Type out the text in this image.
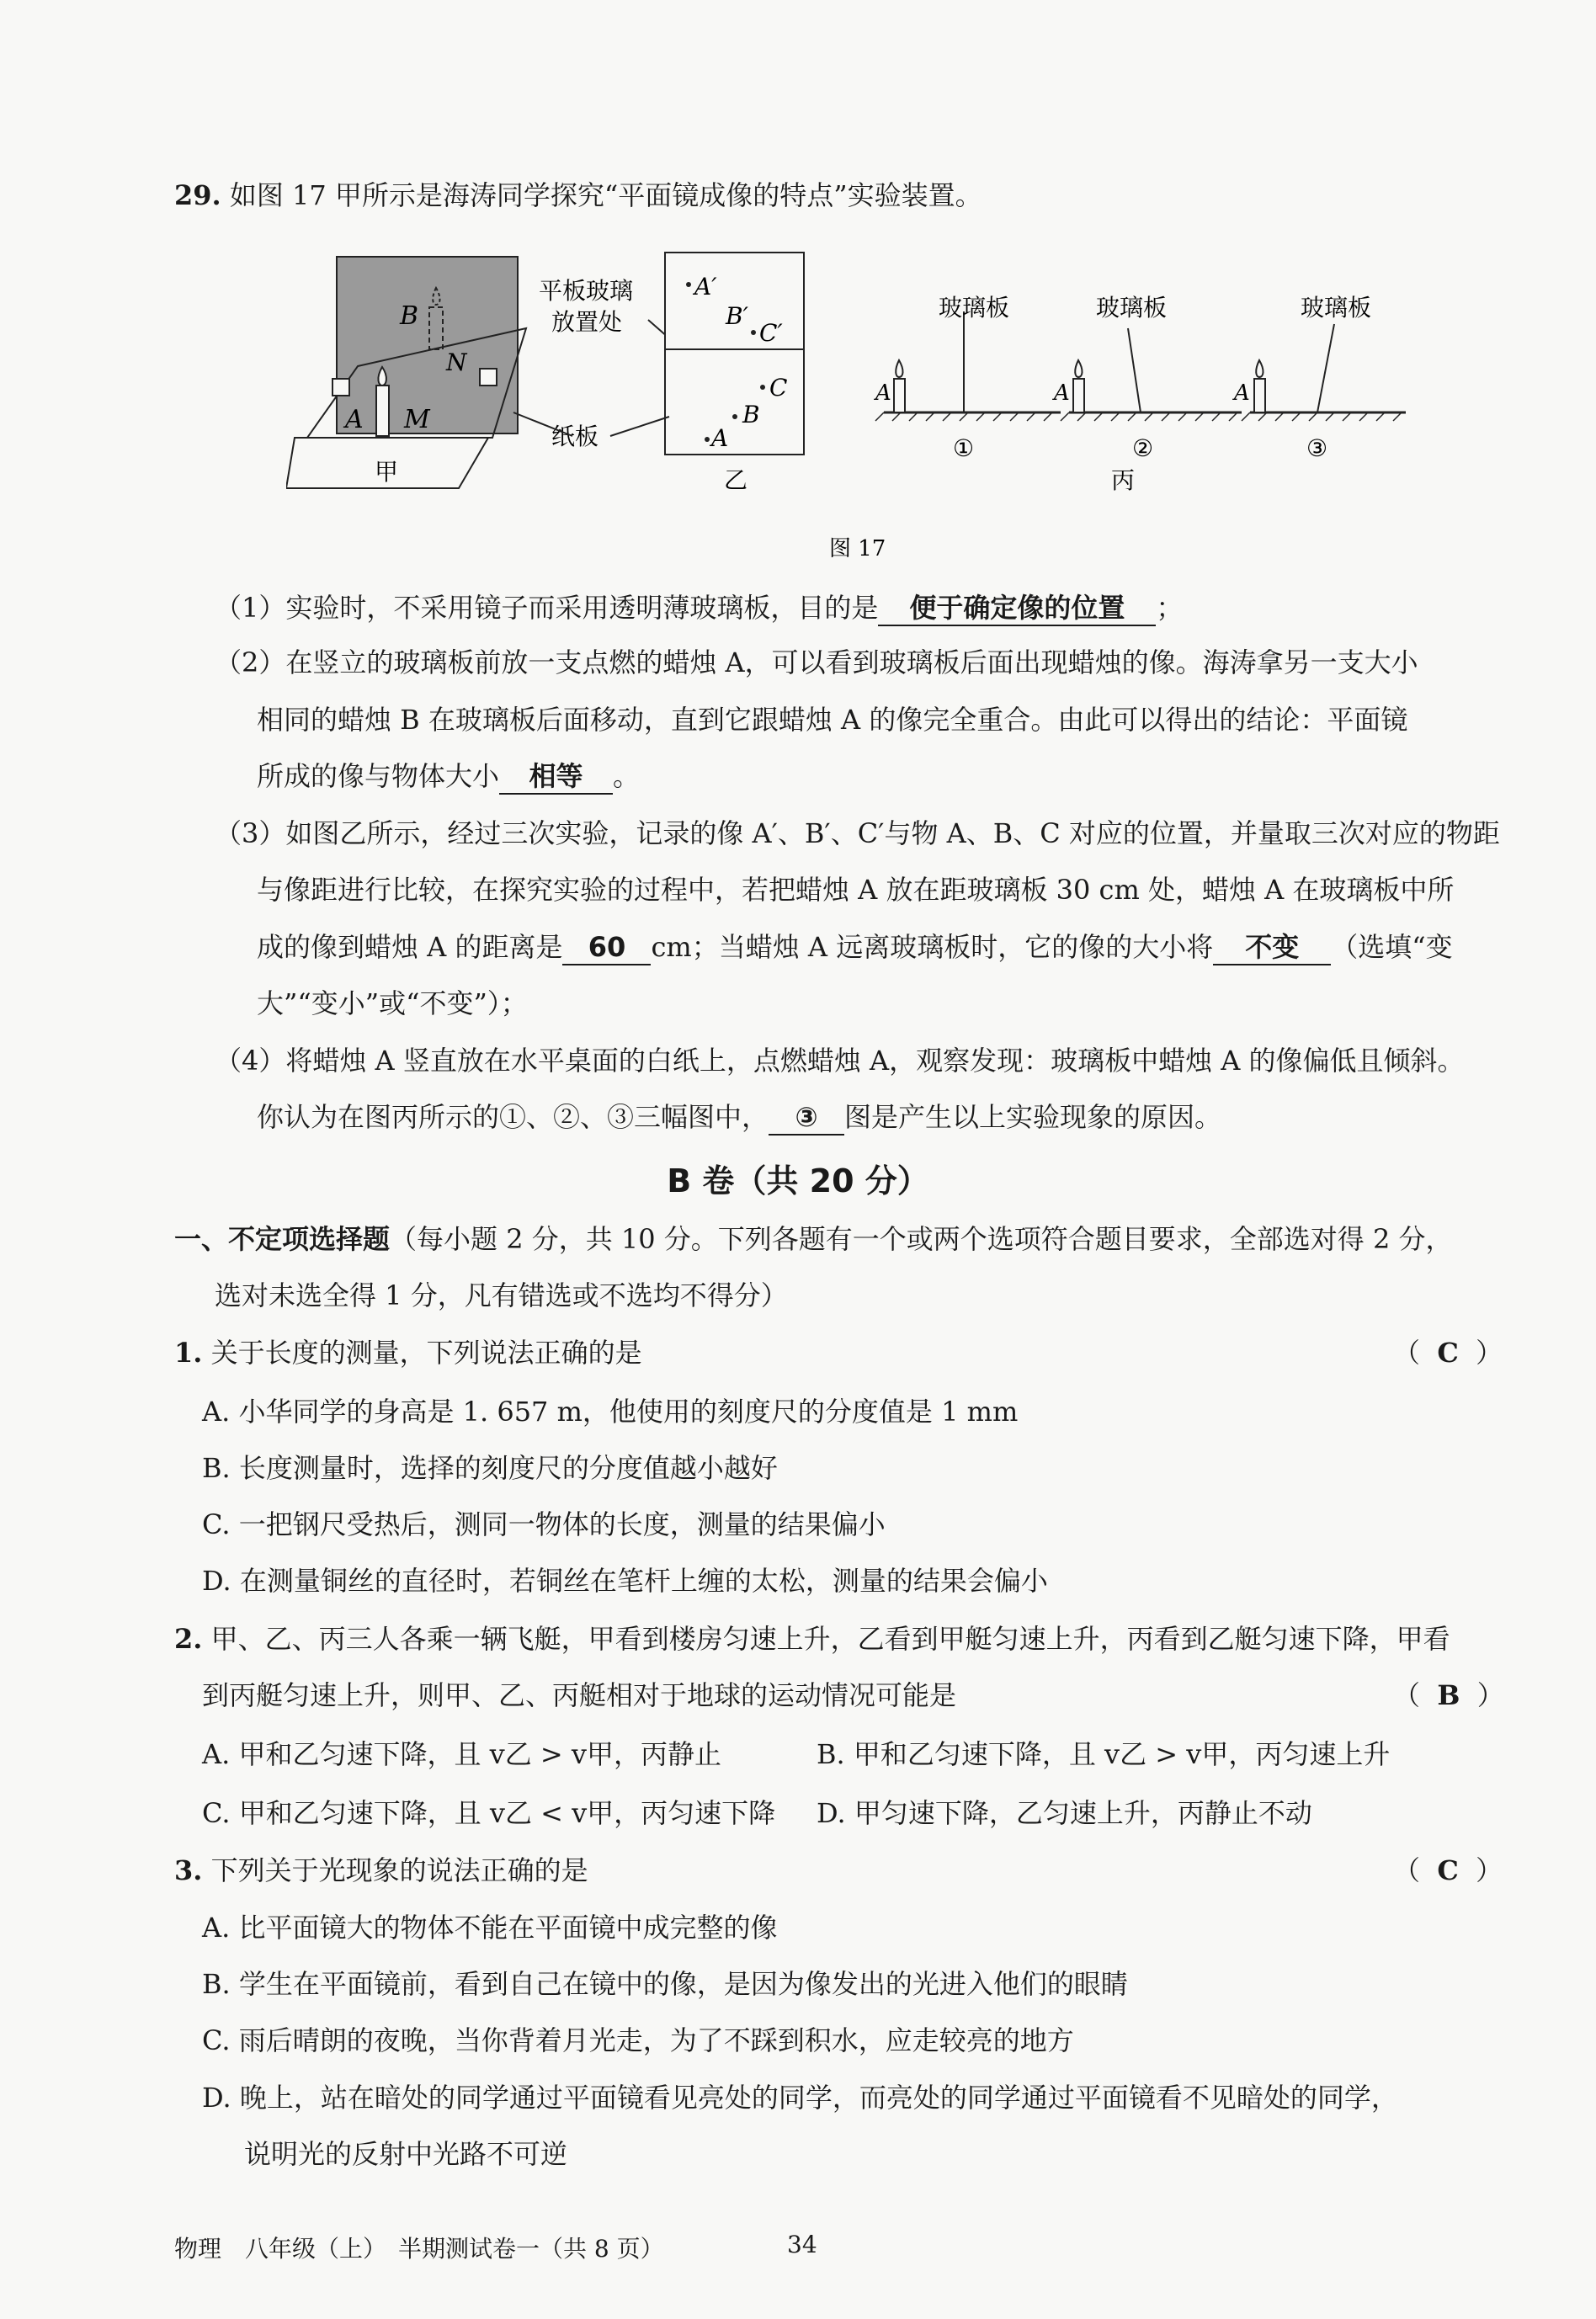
29. 如图 17 甲所示是海涛同学探究“平面镜成像的特点”实验装置。
B
N
A M
甲
平板玻璃
放置处
A′
B′
C′
C
B
A
纸板
乙
A
玻璃板
①
A
玻璃板
②
A
玻璃板
③
丙
图 17
（1）实验时，不采用镜子而采用透明薄玻璃板，目的是 便于确定像的位置 ；
（2）在竖立的玻璃板前放一支点燃的蜡烛 A，可以看到玻璃板后面出现蜡烛的像。海涛拿另一支大小
相同的蜡烛 B 在玻璃板后面移动，直到它跟蜡烛 A 的像完全重合。由此可以得出的结论：平面镜
所成的像与物体大小 相等 。
（3）如图乙所示，经过三次实验，记录的像 A′、B′、C′与物 A、B、C 对应的位置，并量取三次对应的物距
与像距进行比较，在探究实验的过程中，若把蜡烛 A 放在距玻璃板 30 cm 处，蜡烛 A 在玻璃板中所
成的像到蜡烛 A 的距离是 60 cm；当蜡烛 A 远离玻璃板时，它的像的大小将 不变 （选填“变
大”“变小”或“不变”）；
（4）将蜡烛 A 竖直放在水平桌面的白纸上，点燃蜡烛 A，观察发现：玻璃板中蜡烛 A 的像偏低且倾斜。
你认为在图丙所示的①、②、③三幅图中， ③ 图是产生以上实验现象的原因。
B 卷（共 20 分）
一、不定项选择题（每小题 2 分，共 10 分。下列各题有一个或两个选项符合题目要求，全部选对得 2 分，
选对未选全得 1 分，凡有错选或不选均不得分）
1. 关于长度的测量，下列说法正确的是	（  C  ）
A. 小华同学的身高是 1. 657 m，他使用的刻度尺的分度值是 1 mm
B. 长度测量时，选择的刻度尺的分度值越小越好
C. 一把钢尺受热后，测同一物体的长度，测量的结果偏小
D. 在测量铜丝的直径时，若铜丝在笔杆上缠的太松，测量的结果会偏小
2. 甲、乙、丙三人各乘一辆飞艇，甲看到楼房匀速上升，乙看到甲艇匀速上升，丙看到乙艇匀速下降，甲看
到丙艇匀速上升，则甲、乙、丙艇相对于地球的运动情况可能是	（  B  ）
A. 甲和乙匀速下降，且 v乙 > v甲，丙静止	B. 甲和乙匀速下降，且 v乙 > v甲，丙匀速上升
C. 甲和乙匀速下降，且 v乙 < v甲，丙匀速下降 D. 甲匀速下降，乙匀速上升，丙静止不动
3. 下列关于光现象的说法正确的是	（  C  ）
A. 比平面镜大的物体不能在平面镜中成完整的像
B. 学生在平面镜前，看到自己在镜中的像，是因为像发出的光进入他们的眼睛
C. 雨后晴朗的夜晚，当你背着月光走，为了不踩到积水，应走较亮的地方
D. 晚上，站在暗处的同学通过平面镜看见亮处的同学，而亮处的同学通过平面镜看不见暗处的同学，
说明光的反射中光路不可逆
物理　八年级（上）　半期测试卷一（共 8 页）	34
